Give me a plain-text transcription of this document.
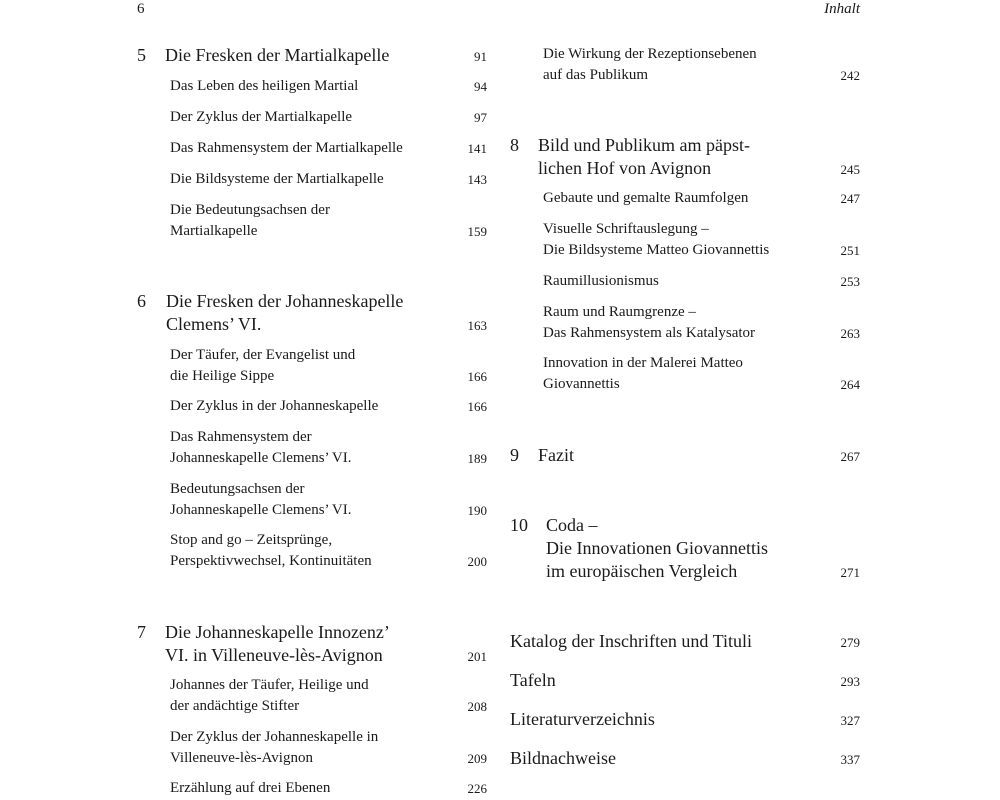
6	Inhalt
5	Die Fresken der Martialkapelle	91
Das Leben des heiligen Martial	94
Der Zyklus der Martialkapelle	97
Das Rahmensystem der Martialkapelle	141
Die Bildsysteme der Martialkapelle	143
Die Bedeutungsachsen der
Martialkapelle	159
6	Die Fresken der Johanneskapelle
Clemens’ VI.	163
Der Täufer, der Evangelist und
die Heilige Sippe	166
Der Zyklus in der Johanneskapelle	166
Das Rahmensystem der
Johanneskapelle Clemens’ VI.	189
Bedeutungsachsen der
Johanneskapelle Clemens’ VI.	190
Stop and go – Zeitsprünge,
Perspektivwechsel, Kontinuitäten	200
7	Die Johanneskapelle Innozenz’
VI. in Villeneuve-lès-Avignon	201
Johannes der Täufer, Heilige und
der andächtige Stifter	208
Der Zyklus der Johanneskapelle in
Villeneuve-lès-Avignon	209
Erzählung auf drei Ebenen	226
Die Wirkung der Rezeptionsebenen
auf das Publikum	242
8	Bild und Publikum am päpst-
lichen Hof von Avignon	245
Gebaute und gemalte Raumfolgen	247
Visuelle Schriftauslegung –
Die Bildsysteme Matteo Giovannettis	251
Raumillusionismus	253
Raum und Raumgrenze –
Das Rahmensystem als Katalysator	263
Innovation in der Malerei Matteo
Giovannettis	264
9	Fazit	267
10	Coda –
Die Innovationen Giovannettis
im europäischen Vergleich	271
Katalog der Inschriften und Tituli	279
Tafeln	293
Literaturverzeichnis	327
Bildnachweise	337
